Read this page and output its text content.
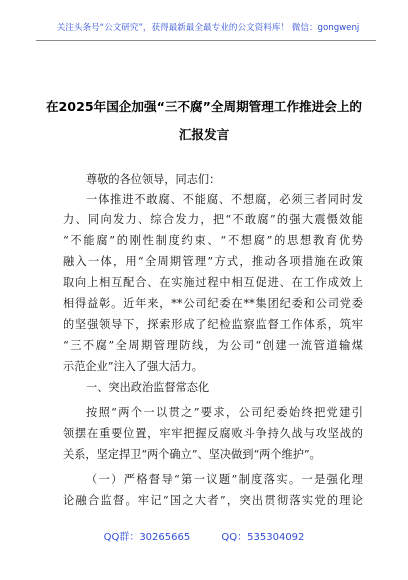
关注头条号“公文研究”，获得最新最全最专业的公文资料库！ 微信：gongwenj
在2025年国企加强“三不腐”全周期管理工作推进会上的
汇报发言
尊敬的各位领导，同志们：
一体推进不敢腐、不能腐、不想腐，必须三者同时发
力、同向发力、综合发力，把“不敢腐”的强大震慑效能
“不能腐”的刚性制度约束、“不想腐”的思想教育优势
融入一体，用“全周期管理”方式，推动各项措施在政策
取向上相互配合、在实施过程中相互促进、在工作成效上
相得益彰。近年来，**公司纪委在**集团纪委和公司党委
的坚强领导下，探索形成了纪检监察监督工作体系，筑牢
“三不腐”全周期管理防线，为公司“创建一流管道输煤
示范企业”注入了强大活力。
一、突出政治监督常态化
按照“两个一以贯之”要求，公司纪委始终把党建引
领摆在重要位置，牢牢把握反腐败斗争持久战与攻坚战的
关系，坚定捍卫“两个确立”、坚决做到“两个维护”。
（一）严格督导“第一议题”制度落实。一是强化理
论融合监督。牢记“国之大者”，突出贯彻落实党的理论
QQ群：30265665	QQ：535304092
